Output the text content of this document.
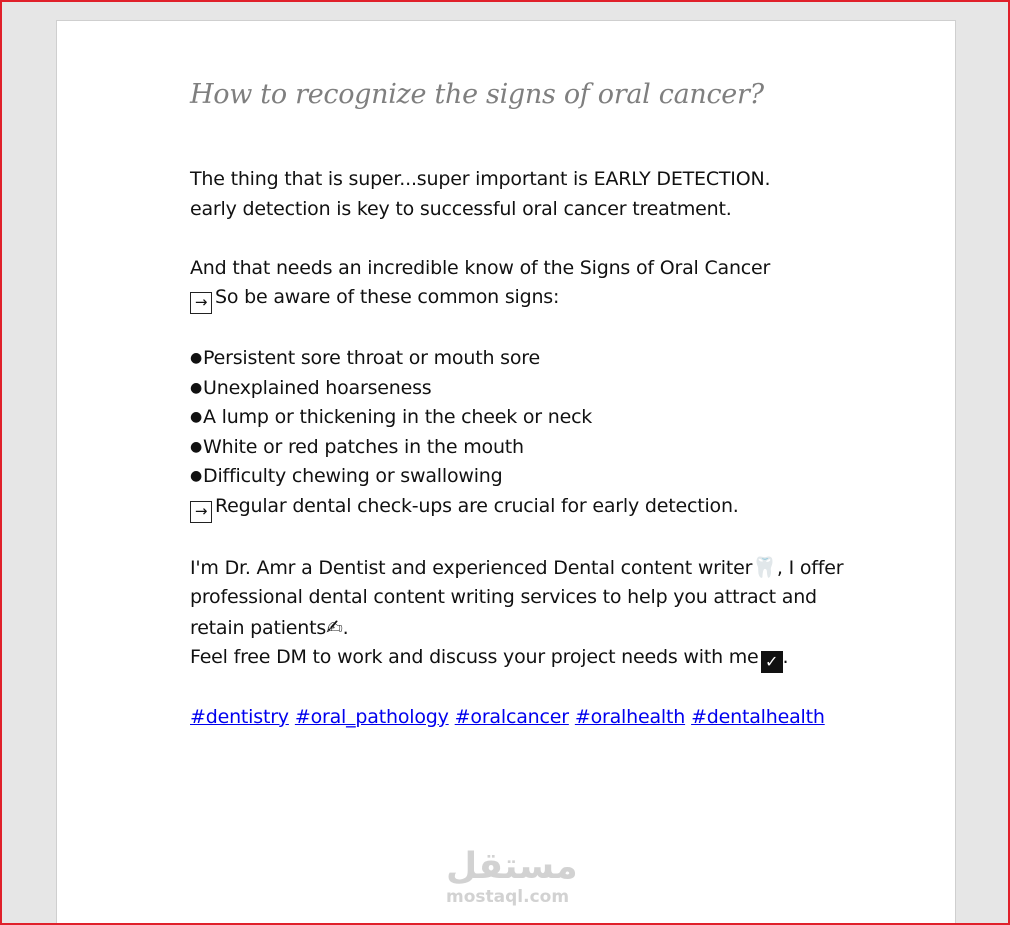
How to recognize the signs of oral cancer?
The thing that is super...super important is EARLY DETECTION.
early detection is key to successful oral cancer treatment.
And that needs an incredible know of the Signs of Oral Cancer
→ So be aware of these common signs:
●Persistent sore throat or mouth sore
●Unexplained hoarseness
●A lump or thickening in the cheek or neck
●White or red patches in the mouth
●Difficulty chewing or swallowing
→ Regular dental check-ups are crucial for early detection.
I'm Dr. Amr a Dentist and experienced Dental content writer🦷, I offer
professional dental content writing services to help you attract and
retain patients✍.
Feel free DM to work and discuss your project needs with me ✓ .
#dentistry #oral_pathology #oralcancer #oralhealth #dentalhealth
مستقل
mostaql.com
